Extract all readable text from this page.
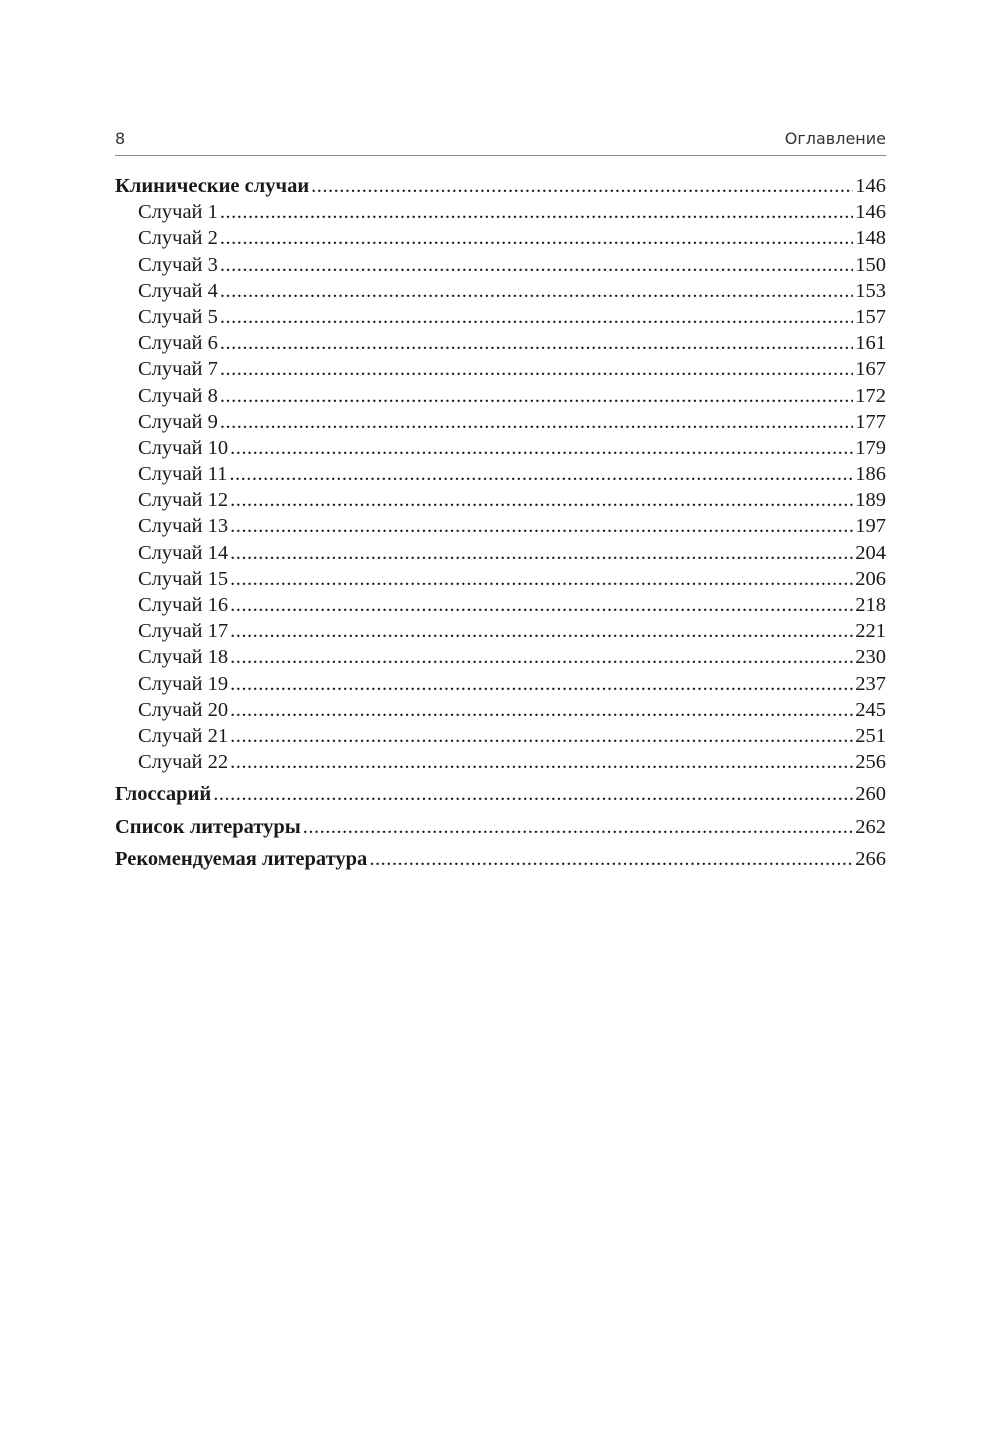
8	Оглавление
Клинические случаи .....	146
Случай 1 .....	146
Случай 2 .....	148
Случай 3 .....	150
Случай 4 .....	153
Случай 5 .....	157
Случай 6 .....	161
Случай 7 .....	167
Случай 8 .....	172
Случай 9 .....	177
Случай 10 .....	179
Случай 11 .....	186
Случай 12 .....	189
Случай 13 .....	197
Случай 14 .....	204
Случай 15 .....	206
Случай 16 .....	218
Случай 17 .....	221
Случай 18 .....	230
Случай 19 .....	237
Случай 20 .....	245
Случай 21 .....	251
Случай 22 .....	256
Глоссарий .....	260
Список литературы .....	262
Рекомендуемая литература .....	266
